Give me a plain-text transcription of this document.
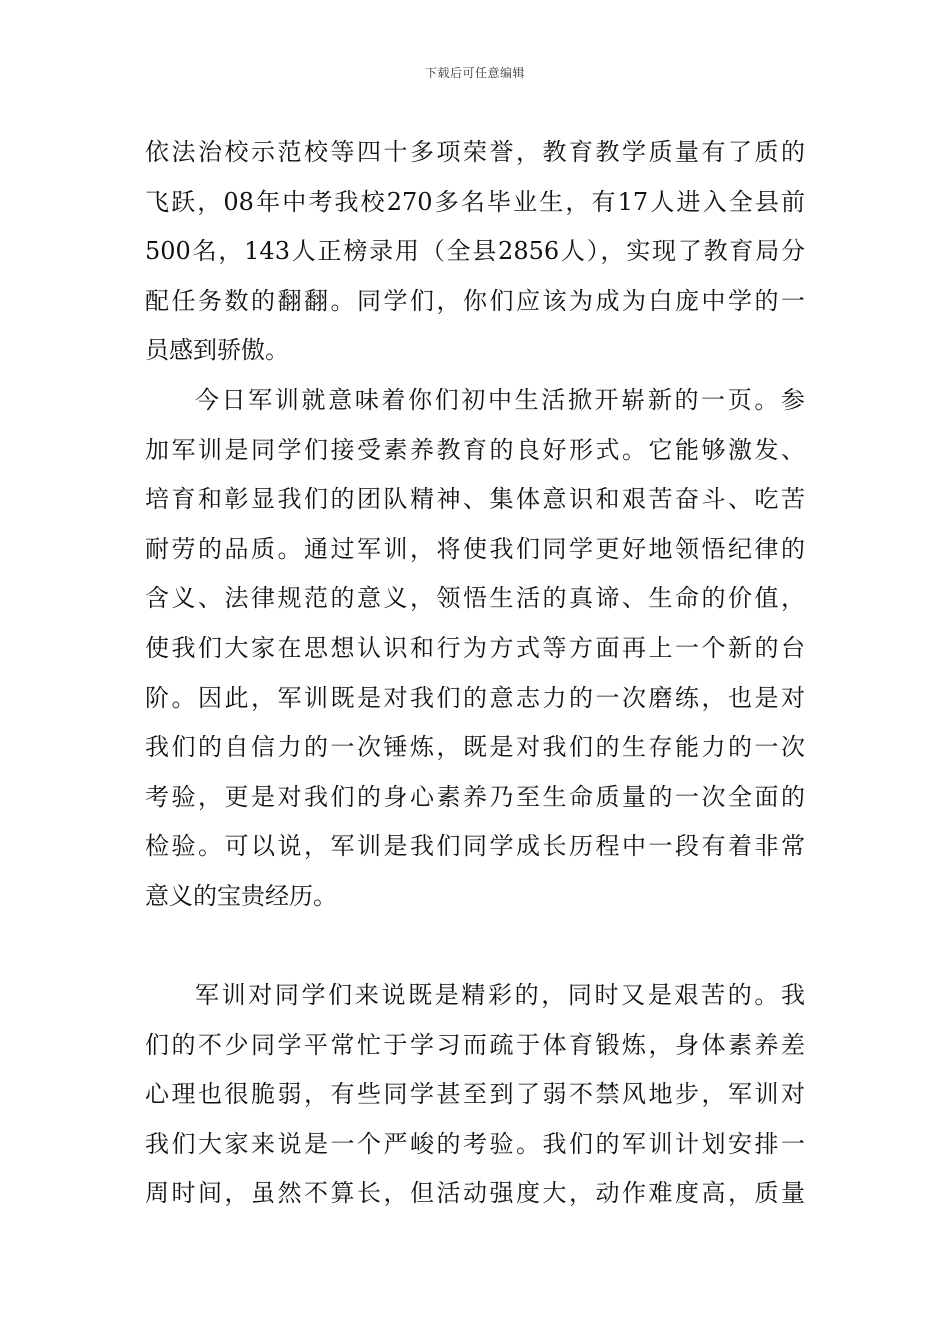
下载后可任意编辑
依法治校示范校等四十多项荣誉，教育教学质量有了质的
飞跃，08年中考我校270多名毕业生，有17人进入全县前
500名，143人正榜录用（全县2856人），实现了教育局分
配任务数的翻翻。同学们，你们应该为成为白庞中学的一
员感到骄傲。
今日军训就意味着你们初中生活掀开崭新的一页。参
加军训是同学们接受素养教育的良好形式。它能够激发、
培育和彰显我们的团队精神、集体意识和艰苦奋斗、吃苦
耐劳的品质。通过军训，将使我们同学更好地领悟纪律的
含义、法律规范的意义，领悟生活的真谛、生命的价值，
使我们大家在思想认识和行为方式等方面再上一个新的台
阶。因此，军训既是对我们的意志力的一次磨练，也是对
我们的自信力的一次锤炼，既是对我们的生存能力的一次
考验，更是对我们的身心素养乃至生命质量的一次全面的
检验。可以说，军训是我们同学成长历程中一段有着非常
意义的宝贵经历。
军训对同学们来说既是精彩的，同时又是艰苦的。我
们的不少同学平常忙于学习而疏于体育锻炼，身体素养差
心理也很脆弱，有些同学甚至到了弱不禁风地步，军训对
我们大家来说是一个严峻的考验。我们的军训计划安排一
周时间，虽然不算长，但活动强度大，动作难度高，质量
